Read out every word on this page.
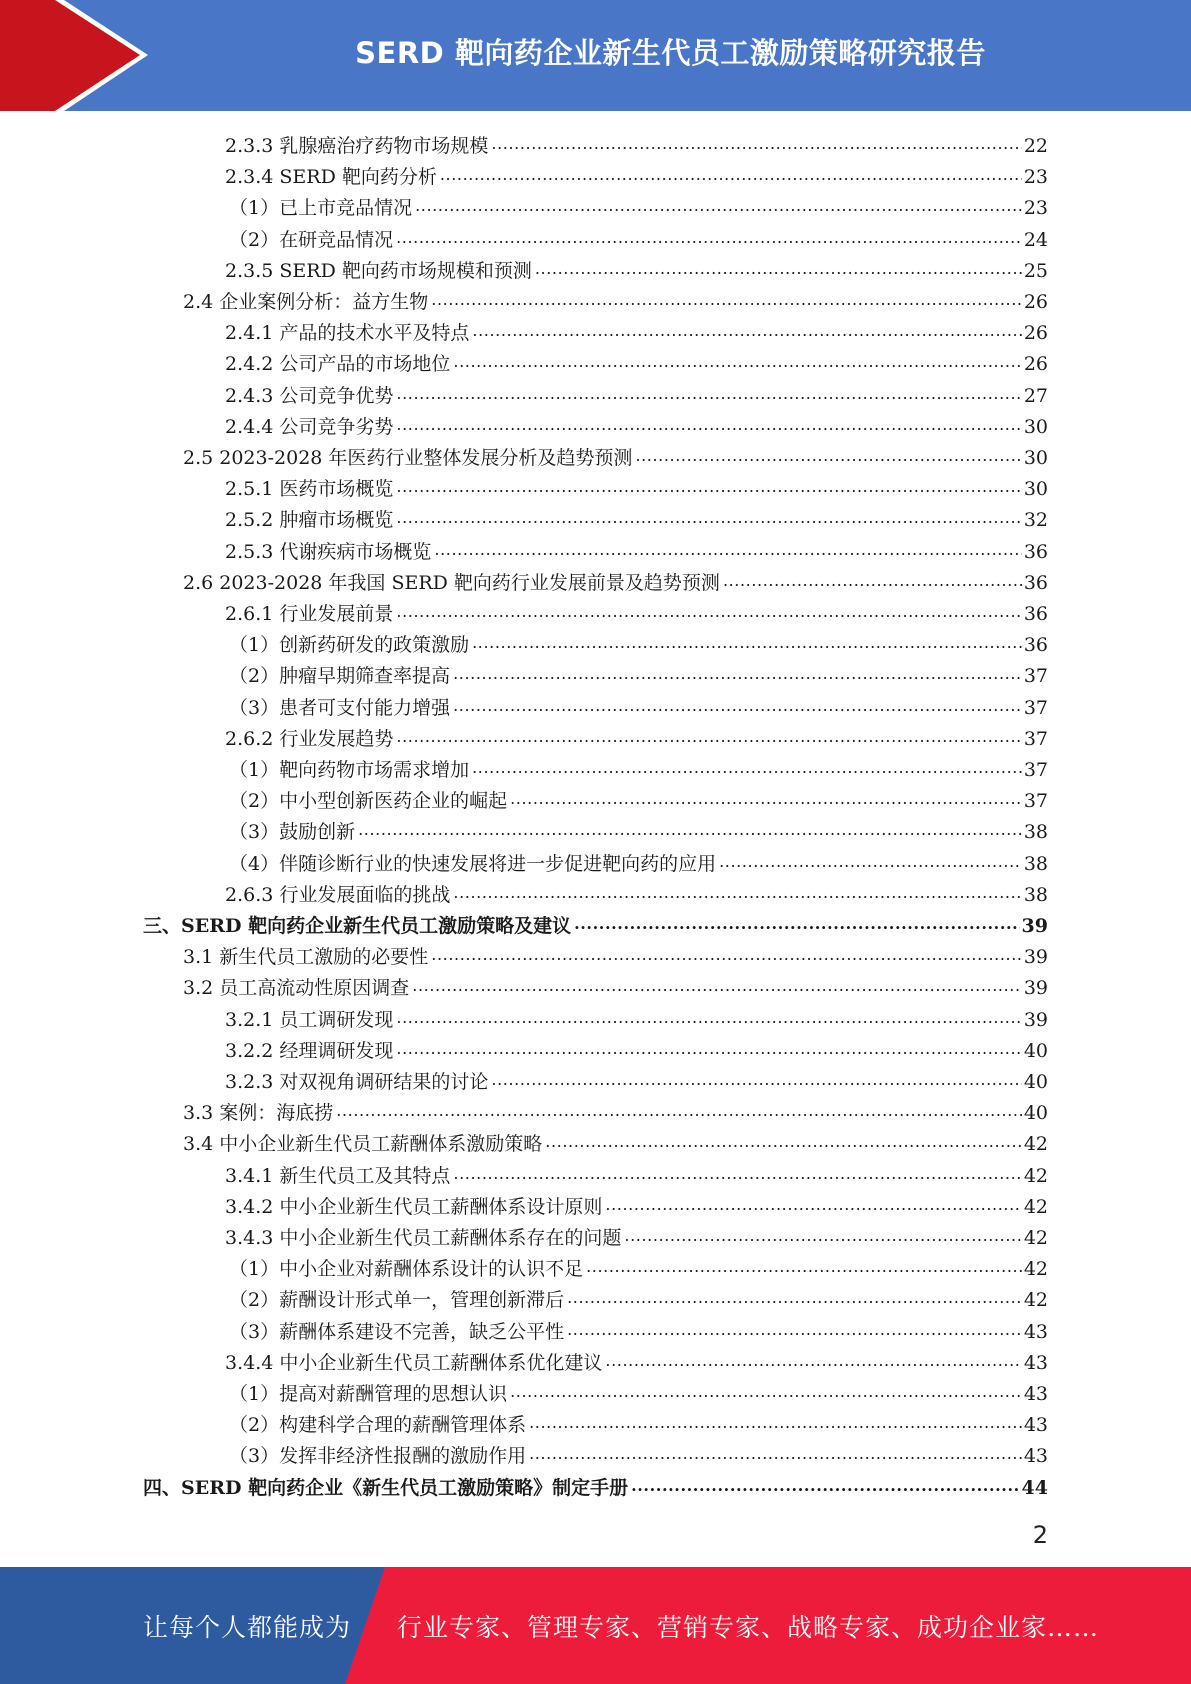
SERD 靶向药企业新生代员工激励策略研究报告
2.3.3 乳腺癌治疗药物市场规模 .....	22
2.3.4 SERD 靶向药分析 .....	23
（1）已上市竞品情况 .....	23
（2）在研竞品情况 .....	24
2.3.5 SERD 靶向药市场规模和预测 .....	25
2.4 企业案例分析：益方生物 .....	26
2.4.1 产品的技术水平及特点 .....	26
2.4.2 公司产品的市场地位 .....	26
2.4.3 公司竞争优势 .....	27
2.4.4 公司竞争劣势 .....	30
2.5 2023-2028 年医药行业整体发展分析及趋势预测 .....	30
2.5.1 医药市场概览 .....	30
2.5.2 肿瘤市场概览 .....	32
2.5.3 代谢疾病市场概览 .....	36
2.6 2023-2028 年我国 SERD 靶向药行业发展前景及趋势预测 .....	36
2.6.1 行业发展前景 .....	36
（1）创新药研发的政策激励 .....	36
（2）肿瘤早期筛查率提高 .....	37
（3）患者可支付能力增强 .....	37
2.6.2 行业发展趋势 .....	37
（1）靶向药物市场需求增加 .....	37
（2）中小型创新医药企业的崛起 .....	37
（3）鼓励创新 .....	38
（4）伴随诊断行业的快速发展将进一步促进靶向药的应用 .....	38
2.6.3 行业发展面临的挑战 .....	38
三、SERD 靶向药企业新生代员工激励策略及建议 .....	39
3.1 新生代员工激励的必要性 .....	39
3.2 员工高流动性原因调查 .....	39
3.2.1 员工调研发现 .....	39
3.2.2 经理调研发现 .....	40
3.2.3 对双视角调研结果的讨论 .....	40
3.3 案例：海底捞 .....	40
3.4 中小企业新生代员工薪酬体系激励策略 .....	42
3.4.1 新生代员工及其特点 .....	42
3.4.2 中小企业新生代员工薪酬体系设计原则 .....	42
3.4.3 中小企业新生代员工薪酬体系存在的问题 .....	42
（1）中小企业对薪酬体系设计的认识不足 .....	42
（2）薪酬设计形式单一，管理创新滞后 .....	42
（3）薪酬体系建设不完善，缺乏公平性 .....	43
3.4.4 中小企业新生代员工薪酬体系优化建议 .....	43
（1）提高对薪酬管理的思想认识 .....	43
（2）构建科学合理的薪酬管理体系 .....	43
（3）发挥非经济性报酬的激励作用 .....	43
四、SERD 靶向药企业《新生代员工激励策略》制定手册 .....	44
2
让每个人都能成为 行业专家、管理专家、营销专家、战略专家、成功企业家……
